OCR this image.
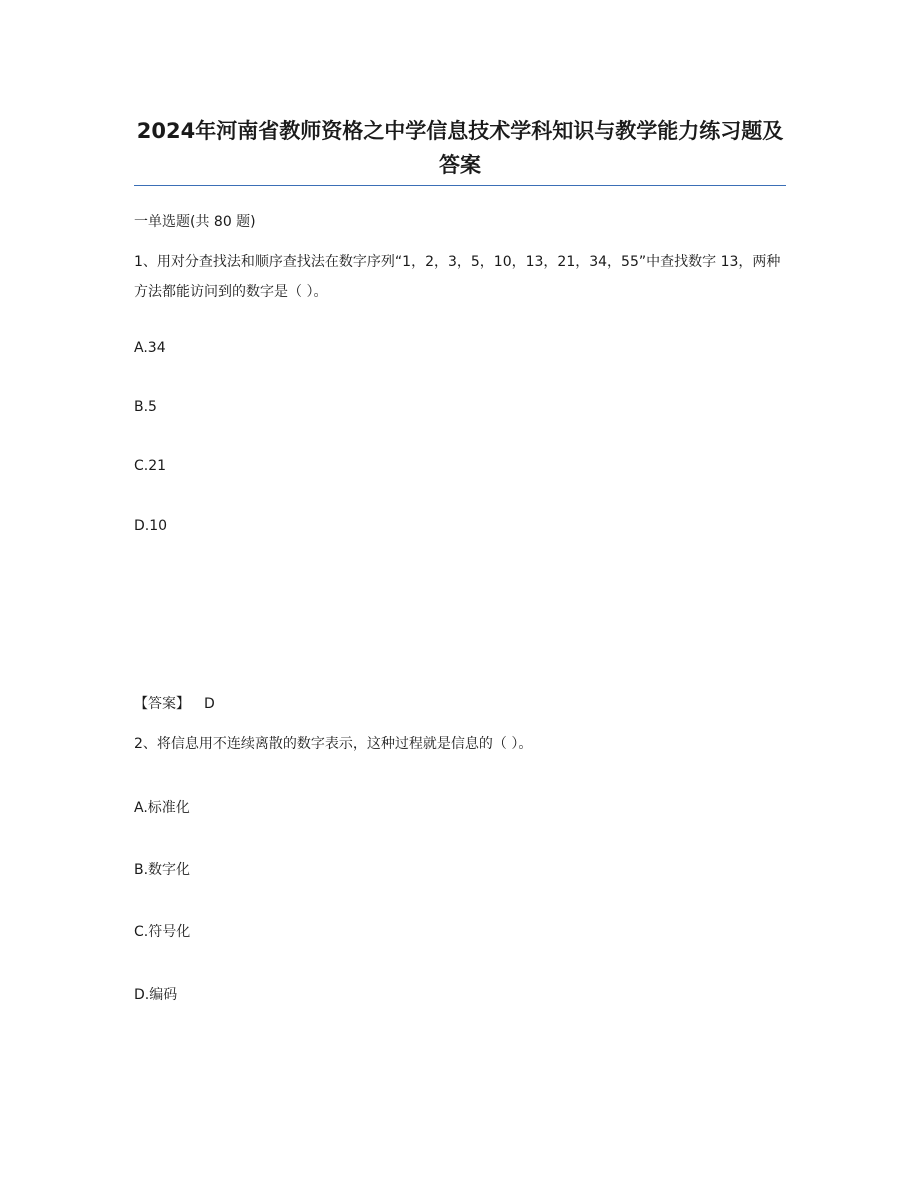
2024年河南省教师资格之中学信息技术学科知识与教学能力练习题及答案
一单选题(共 80 题)
1、用对分查找法和顺序查找法在数字序列“1，2，3，5，10，13，21，34，55”中查找数字 13，两种方法都能访问到的数字是（ ）。
A.34
B.5
C.21
D.10
【答案】 D
2、将信息用不连续离散的数字表示，这种过程就是信息的（ ）。
A.标准化
B.数字化
C.符号化
D.编码
